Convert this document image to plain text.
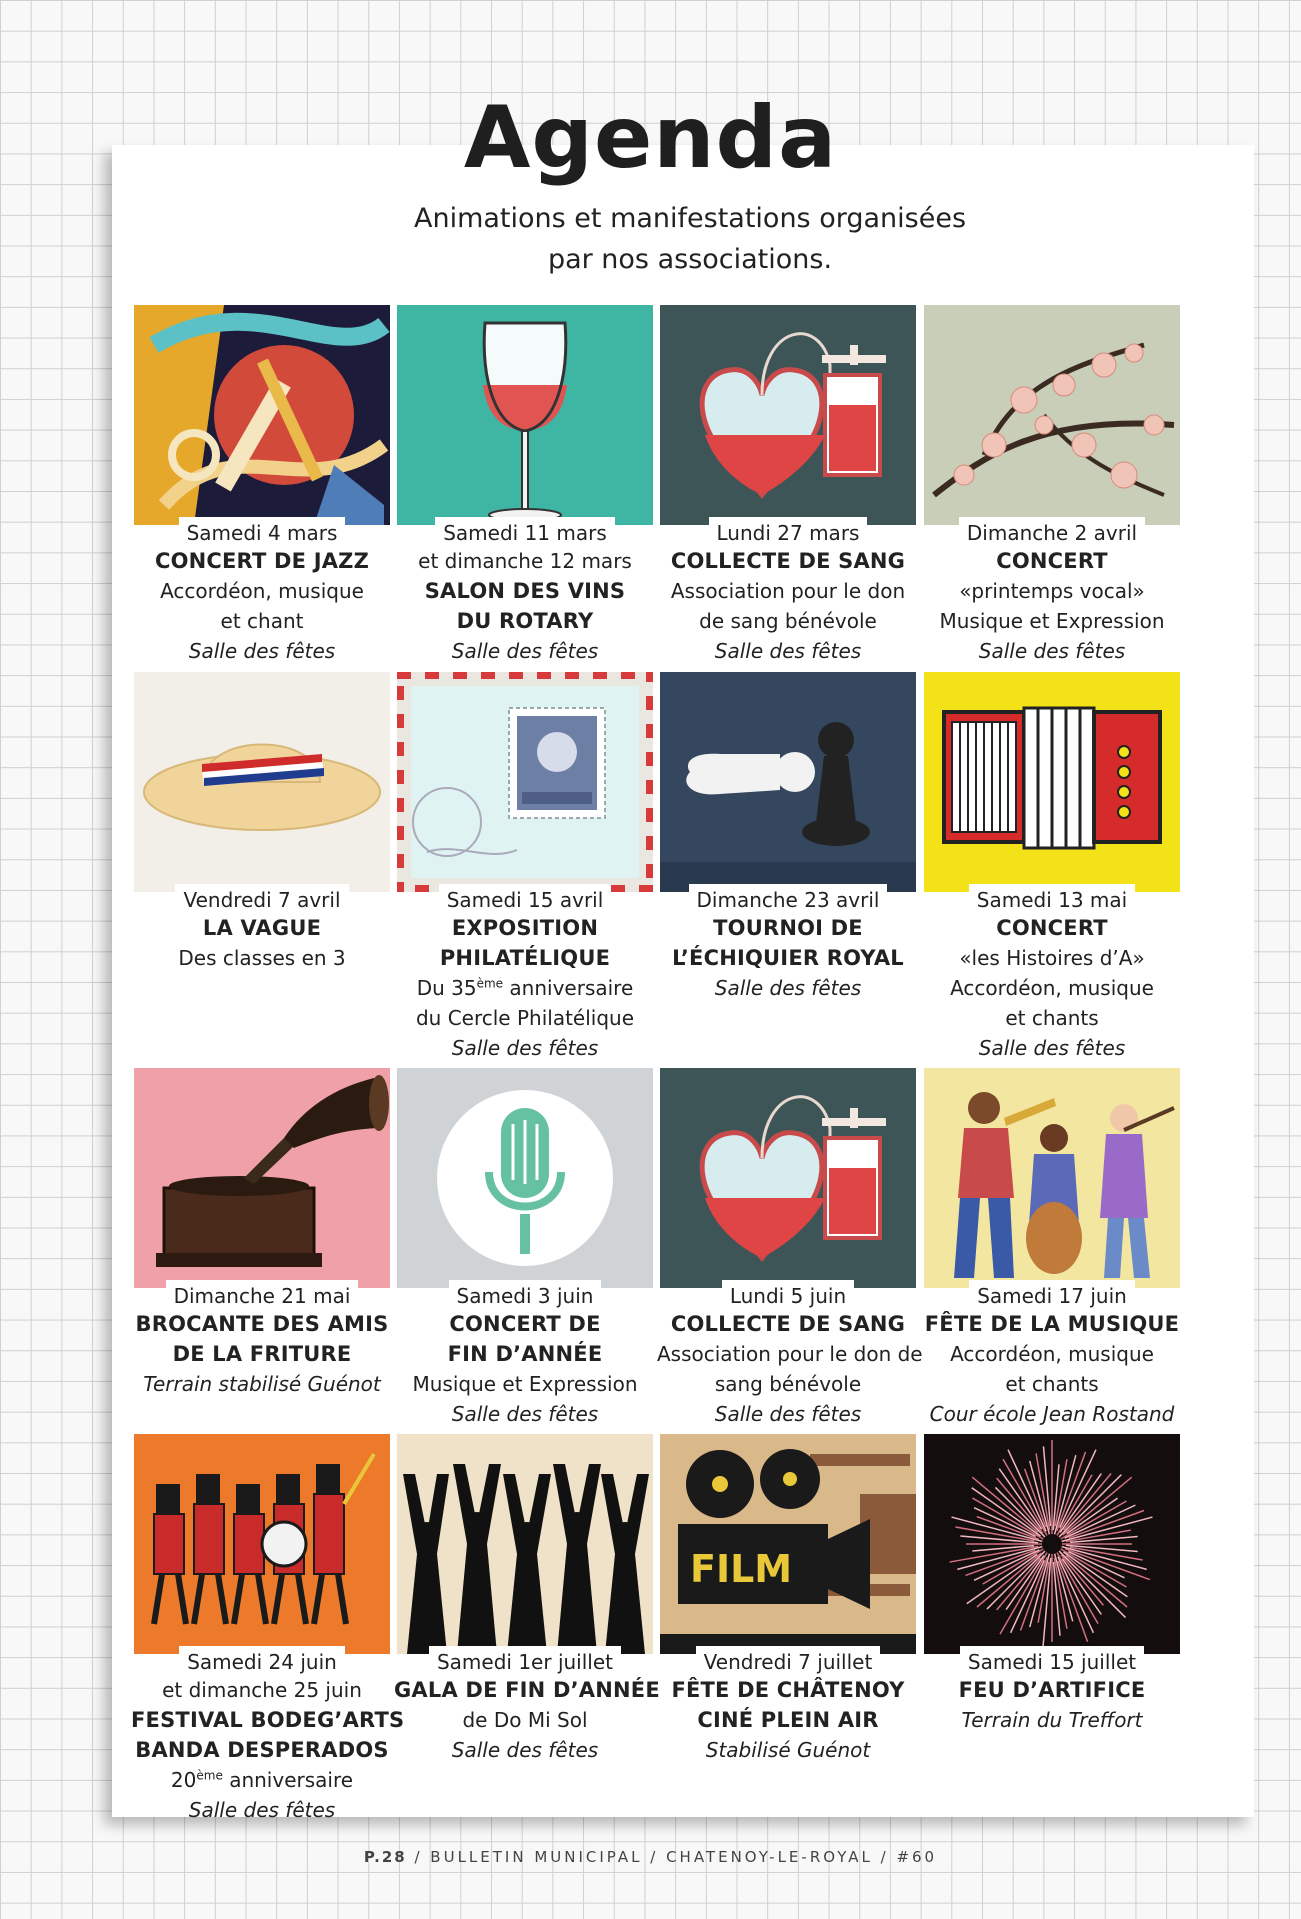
Agenda

Animations et manifestations organisées
par nos associations.

Samedi 4 mars
CONCERT DE JAZZ
Accordéon, musique
et chant
Salle des fêtes
Samedi 11 mars
et dimanche 12 mars
SALON DES VINS
DU ROTARY
Salle des fêtes
Lundi 27 mars
COLLECTE DE SANG
Association pour le don
de sang bénévole
Salle des fêtes
Dimanche 2 avril
CONCERT
«printemps vocal»
Musique et Expression
Salle des fêtes
Vendredi 7 avril
LA VAGUE
Des classes en 3
Samedi 15 avril
EXPOSITION
PHILATÉLIQUE
Du 35ème anniversaire
du Cercle Philatélique
Salle des fêtes
Dimanche 23 avril
TOURNOI DE
L’ÉCHIQUIER ROYAL
Salle des fêtes
Samedi 13 mai
CONCERT
«les Histoires d’A»
Accordéon, musique
et chants
Salle des fêtes
Dimanche 21 mai
BROCANTE DES AMIS
DE LA FRITURE
Terrain stabilisé Guénot
Samedi 3 juin
CONCERT DE
FIN D’ANNÉE
Musique et Expression
Salle des fêtes
Lundi 5 juin
COLLECTE DE SANG
Association pour le don de
sang bénévole
Salle des fêtes
Samedi 17 juin
FÊTE DE LA MUSIQUE
Accordéon, musique
et chants
Cour école Jean Rostand
Samedi 24 juin
et dimanche 25 juin
FESTIVAL BODEG’ARTS
BANDA DESPERADOS
20ème anniversaire
Salle des fêtes
Samedi 1er juillet
GALA DE FIN D’ANNÉE
de Do Mi Sol
Salle des fêtes
FILM
Vendredi 7 juillet
FÊTE DE CHÂTENOY
CINÉ PLEIN AIR
Stabilisé Guénot
Samedi 15 juillet
FEU D’ARTIFICE
Terrain du Treffort

P.28 / BULLETIN MUNICIPAL / CHATENOY-LE-ROYAL / #60
